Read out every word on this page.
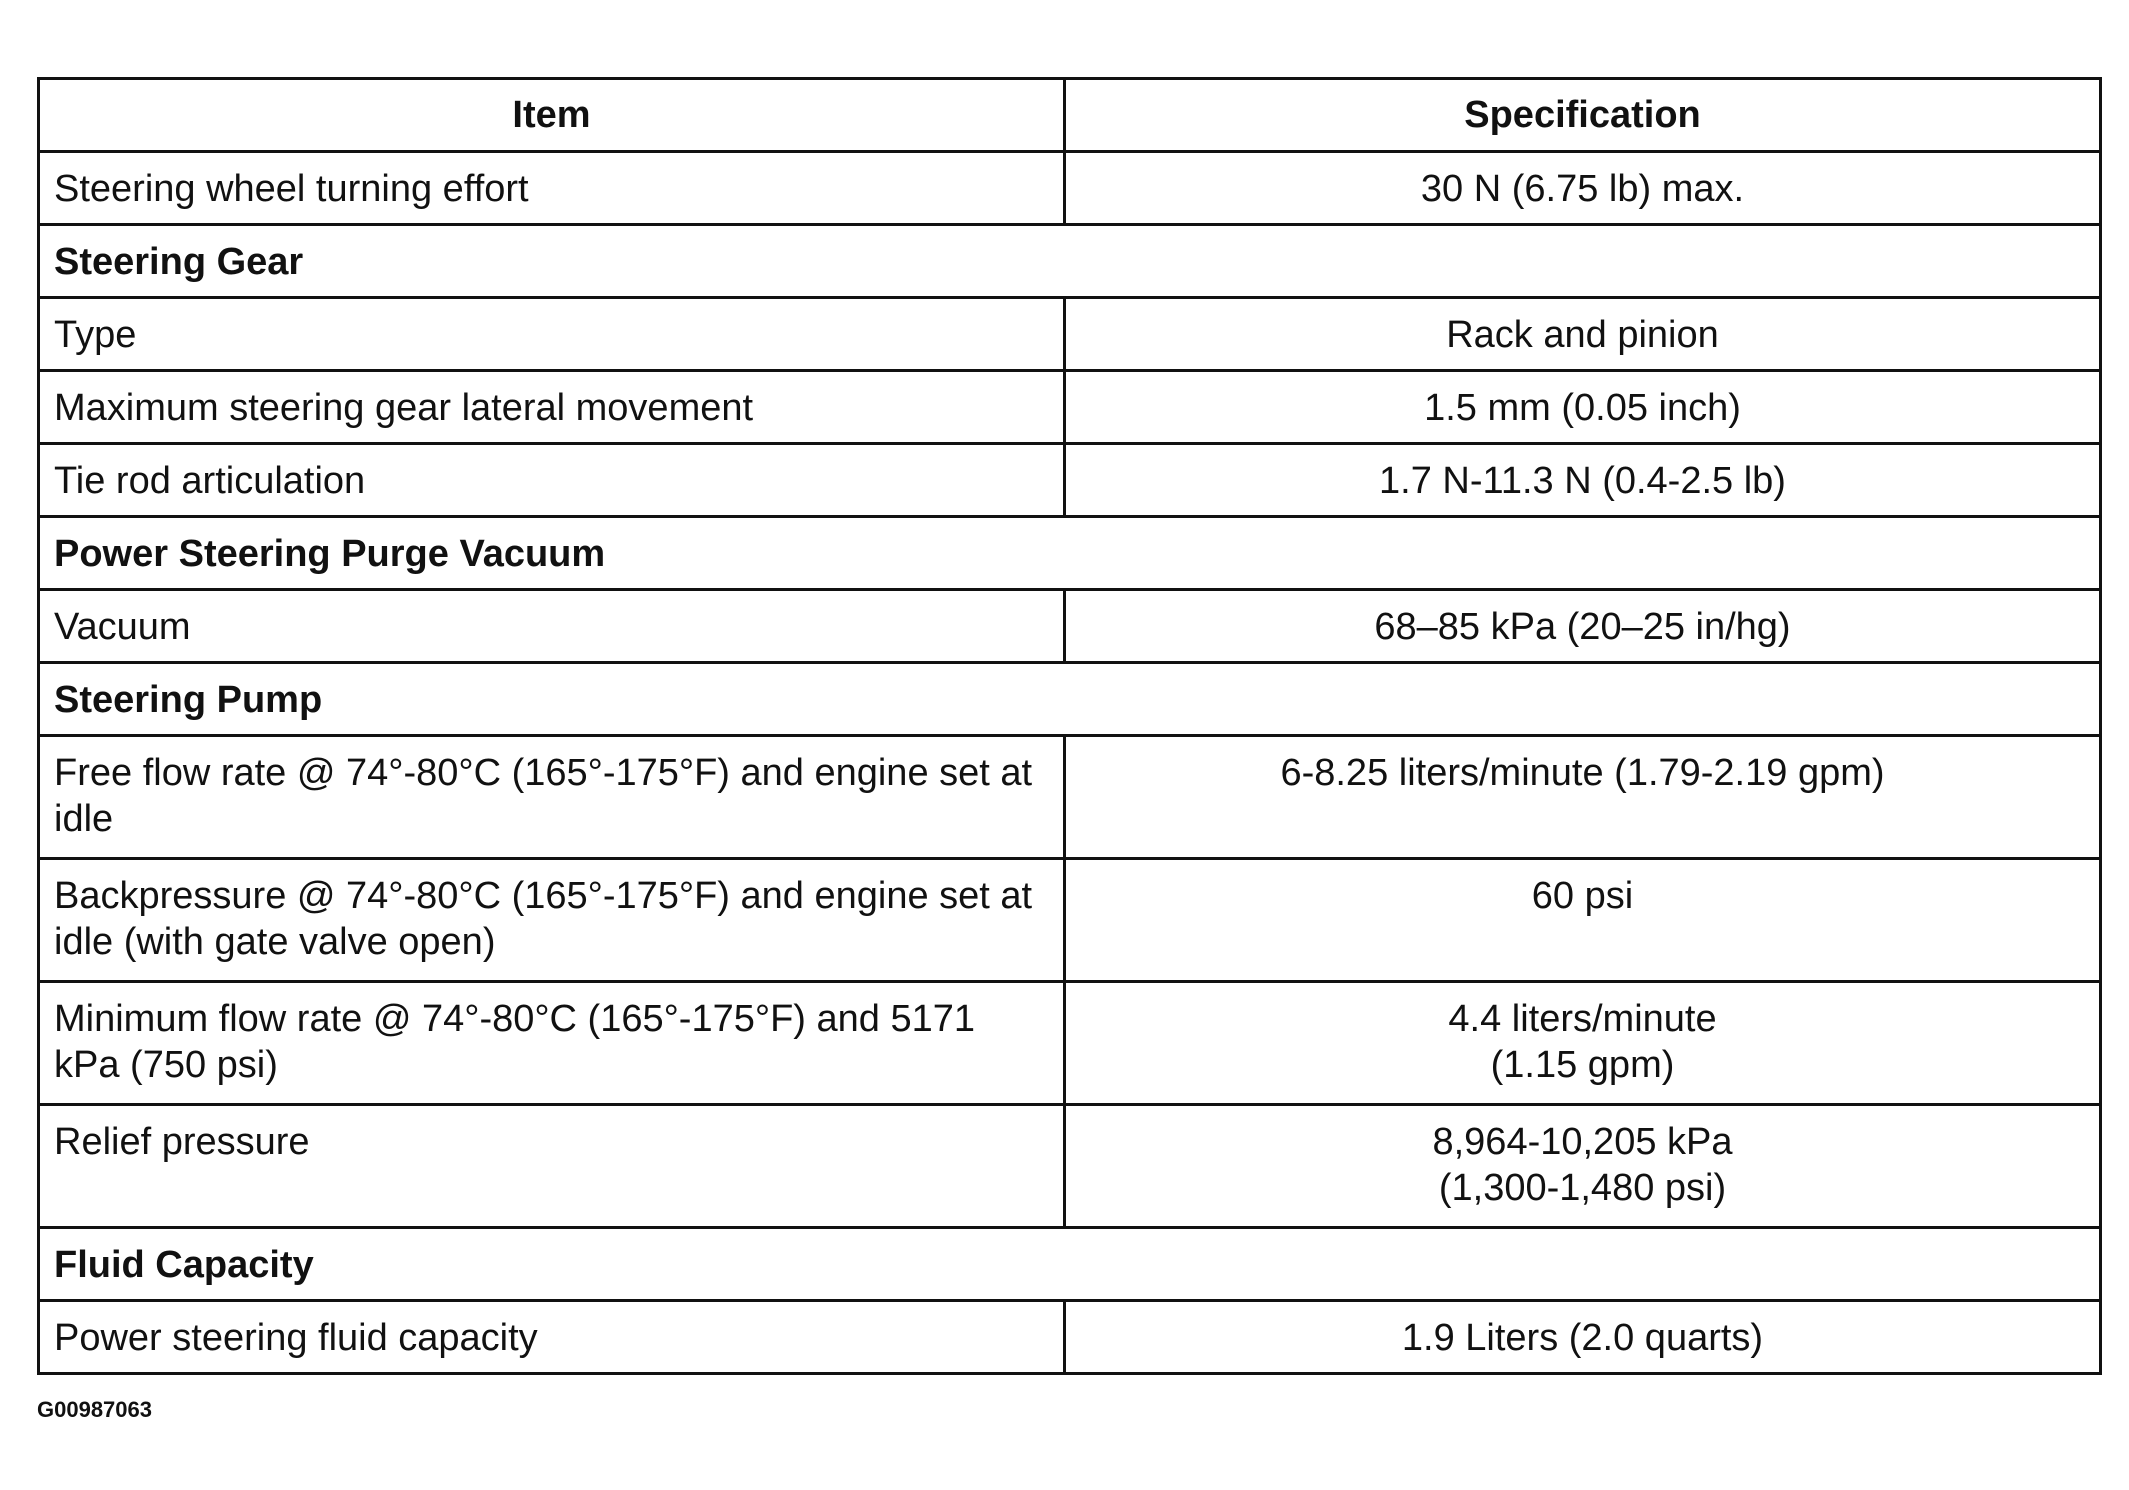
Item	Specification
Steering wheel turning effort	30 N (6.75 lb) max.
Steering Gear	
Type	Rack and pinion
Maximum steering gear lateral movement	1.5 mm (0.05 inch)
Tie rod articulation	1.7 N-11.3 N (0.4-2.5 lb)
Power Steering Purge Vacuum	
Vacuum	68–85 kPa (20–25 in/hg)
Steering Pump	
Free flow rate @ 74°-80°C (165°-175°F) and engine set at idle	6-8.25 liters/minute (1.79-2.19 gpm)
Backpressure @ 74°-80°C (165°-175°F) and engine set at idle (with gate valve open)	60 psi
Minimum flow rate @ 74°-80°C (165°-175°F) and 5171 kPa (750 psi)	4.4 liters/minute
(1.15 gpm)
Relief pressure	8,964-10,205 kPa
(1,300-1,480 psi)
Fluid Capacity	
Power steering fluid capacity	1.9 Liters (2.0 quarts)
G00987063
